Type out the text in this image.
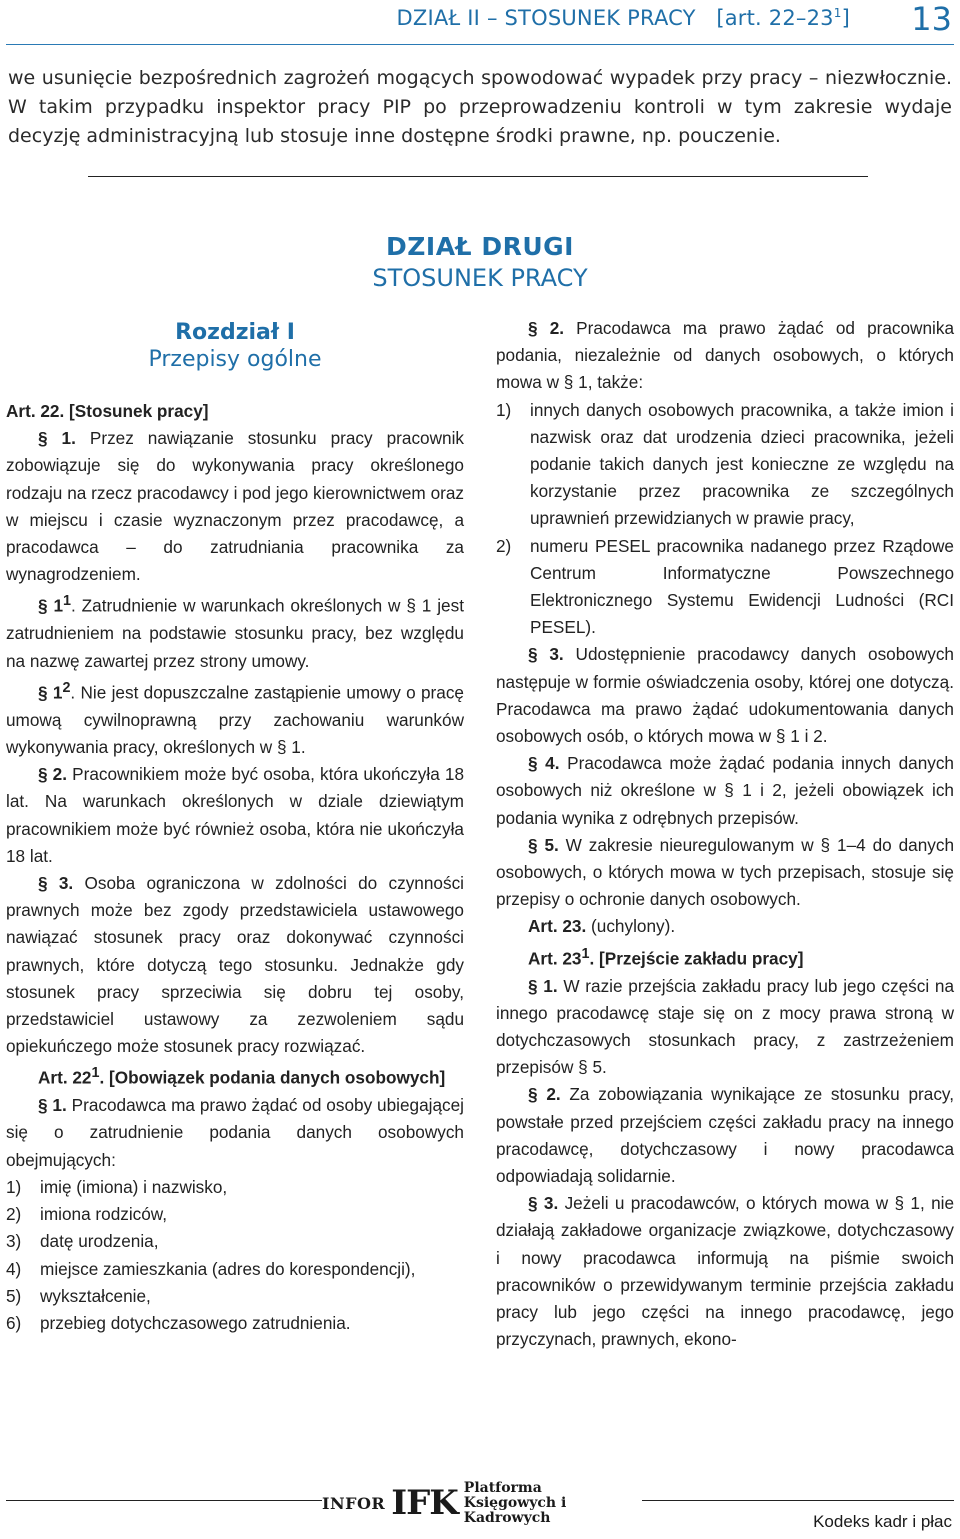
DZIAŁ II – STOSUNEK PRACY [art. $22-23^1$] 13
we usunięcie bezpośrednich zagrożeń mogących spowodować wypadek przy pracy – niezwłocznie. W takim przypadku inspektor pracy PIP po przeprowadzeniu kontroli w tym zakresie wydaje decyzję administracyjną lub stosuje inne dostępne środki prawne, np. pouczenie.
DZIAŁ DRUGI
STOSUNEK PRACY
Rozdział I
Przepisy ogólne

Art. 22. [Stosunek pracy]

§ 1. Przez nawiązanie stosunku pracy pracownik zobowiązuje się do wykonywania pracy określonego rodzaju na rzecz pracodawcy i pod jego kierownictwem oraz w miejscu i czasie wyznaczonym przez pracodawcę, a pracodawca – do zatrudniania pracownika za wynagrodzeniem.

§ $1^1$. Zatrudnienie w warunkach określonych w § 1 jest zatrudnieniem na podstawie stosunku pracy, bez względu na nazwę zawartej przez strony umowy.

§ $1^2$. Nie jest dopuszczalne zastąpienie umowy o pracę umową cywilnoprawną przy zachowaniu warunków wykonywania pracy, określonych w § 1.

§ 2. Pracownikiem może być osoba, która ukończyła 18 lat. Na warunkach określonych w dziale dziewiątym pracownikiem może być również osoba, która nie ukończyła 18 lat.

§ 3. Osoba ograniczona w zdolności do czynności prawnych może bez zgody przedstawiciela ustawowego nawiązać stosunek pracy oraz dokonywać czynności prawnych, które dotyczą tego stosunku. Jednakże gdy stosunek pracy sprzeciwia się dobru tej osoby, przedstawiciel ustawowy za zezwoleniem sądu opiekuńczego może stosunek pracy rozwiązać.

Art. $22^1$. [Obowiązek podania danych osobowych]

§ 1. Pracodawca ma prawo żądać od osoby ubiegającej się o zatrudnienie podania danych osobowych obejmujących:

1)	imię (imiona) i nazwisko,
2)	imiona rodziców,
3)	datę urodzenia,
4)	miejsce zamieszkania (adres do korespondencji),
5)	wykształcenie,
6)	przebieg dotychczasowego zatrudnienia.

§ 2. Pracodawca ma prawo żądać od pracownika podania, niezależnie od danych osobowych, o których mowa w § 1, także:

1)	innych danych osobowych pracownika, a także imion i nazwisk oraz dat urodzenia dzieci pracownika, jeżeli podanie takich danych jest konieczne ze względu na korzystanie przez pracownika ze szczególnych uprawnień przewidzianych w prawie pracy,
2)	numeru PESEL pracownika nadanego przez Rządowe Centrum Informatyczne Powszechnego Elektronicznego Systemu Ewidencji Ludności (RCI PESEL).

§ 3. Udostępnienie pracodawcy danych osobowych następuje w formie oświadczenia osoby, której one dotyczą. Pracodawca ma prawo żądać udokumentowania danych osobowych osób, o których mowa w § 1 i 2.

§ 4. Pracodawca może żądać podania innych danych osobowych niż określone w § 1 i 2, jeżeli obowiązek ich podania wynika z odrębnych przepisów.

§ 5. W zakresie nieuregulowanym w § 1–4 do danych osobowych, o których mowa w tych przepisach, stosuje się przepisy o ochronie danych osobowych.

Art. 23. (uchylony).

Art. $23^1$. [Przejście zakładu pracy]

§ 1. W razie przejścia zakładu pracy lub jego części na innego pracodawcę staje się on z mocy prawa stroną w dotychczasowych stosunkach pracy, z zastrzeżeniem przepisów § 5.

§ 2. Za zobowiązania wynikające ze stosunku pracy, powstałe przed przejściem części zakładu pracy na innego pracodawcę, dotychczasowy i nowy pracodawca odpowiadają solidarnie.

§ 3. Jeżeli u pracodawców, o których mowa w § 1, nie działają zakładowe organizacje związkowe, dotychczasowy i nowy pracodawca informują na piśmie swoich pracowników o przewidywanym terminie przejścia zakładu pracy lub jego części na innego pracodawcę, jego przyczynach, prawnych, ekono-

INFOR IFK Platforma
Księgowych i Kadrowych	Kodeks kadr i płac
